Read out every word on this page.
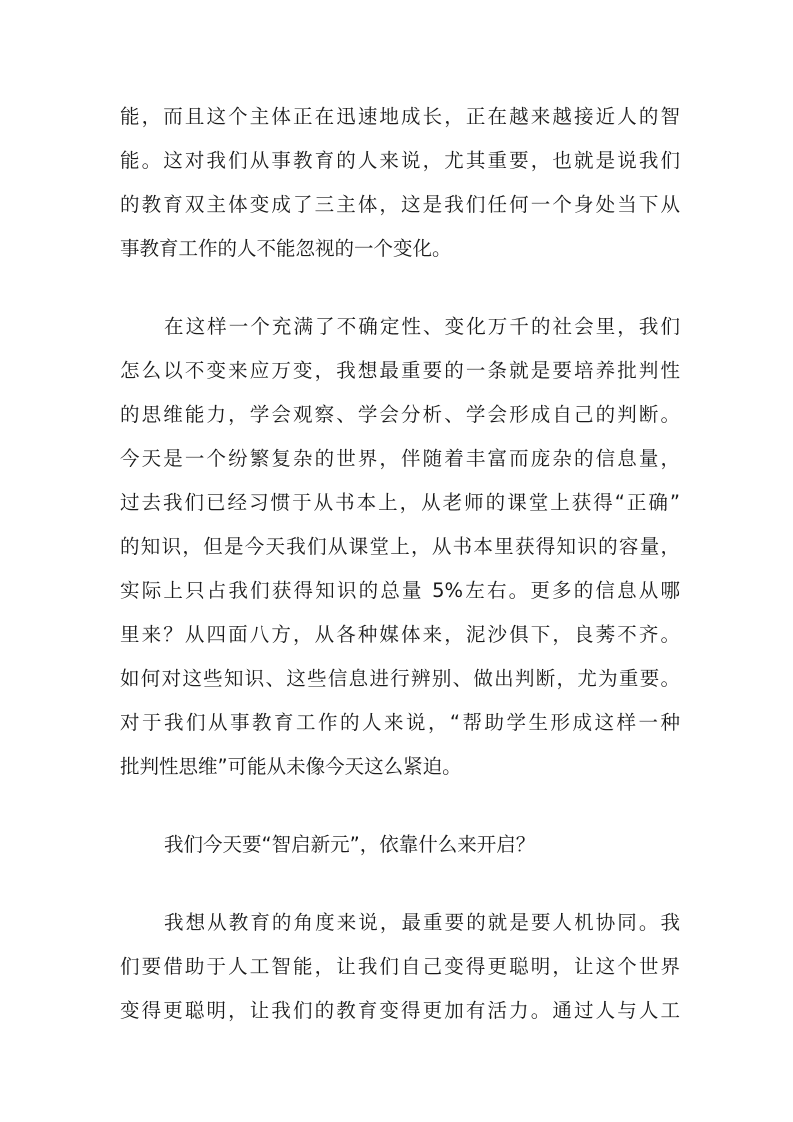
能，而且这个主体正在迅速地成长，正在越来越接近人的智
能。这对我们从事教育的人来说，尤其重要，也就是说我们
的教育双主体变成了三主体，这是我们任何一个身处当下从
事教育工作的人不能忽视的一个变化。
在这样一个充满了不确定性、变化万千的社会里，我们
怎么以不变来应万变，我想最重要的一条就是要培养批判性
的思维能力，学会观察、学会分析、学会形成自己的判断。
今天是一个纷繁复杂的世界，伴随着丰富而庞杂的信息量，
过去我们已经习惯于从书本上，从老师的课堂上获得“正确”
的知识，但是今天我们从课堂上，从书本里获得知识的容量，
实际上只占我们获得知识的总量 5%左右。更多的信息从哪
里来？从四面八方，从各种媒体来，泥沙俱下，良莠不齐。
如何对这些知识、这些信息进行辨别、做出判断，尤为重要。
对于我们从事教育工作的人来说，“帮助学生形成这样一种
批判性思维”可能从未像今天这么紧迫。
我们今天要“智启新元”，依靠什么来开启？
我想从教育的角度来说，最重要的就是要人机协同。我
们要借助于人工智能，让我们自己变得更聪明，让这个世界
变得更聪明，让我们的教育变得更加有活力。通过人与人工
